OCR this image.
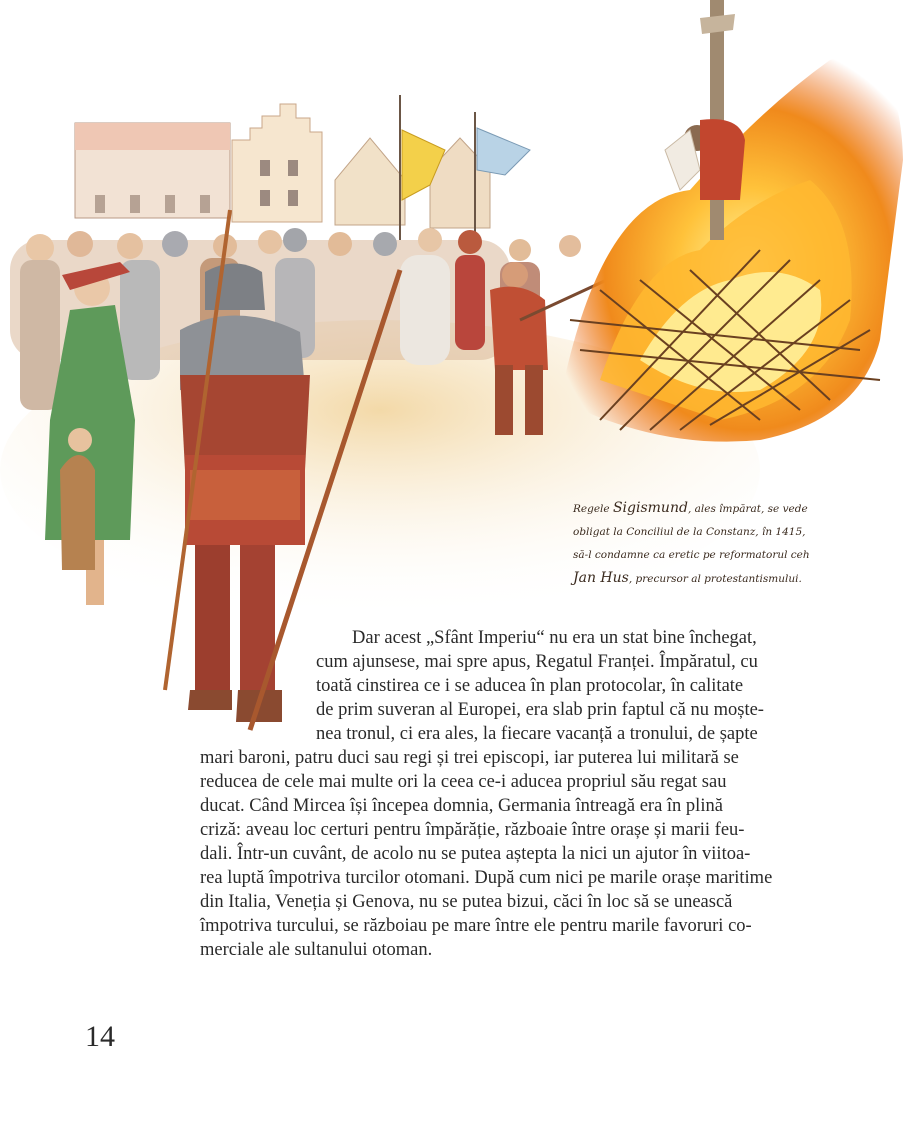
Regele Sigismund, ales împărat, se vede
obligat la Conciliul de la Constanz, în 1415,
să-l condamne ca eretic pe reformatorul ceh
Jan Hus, precursor al protestantismului.
Dar acest „Sfânt Imperiu“ nu era un stat bine închegat,
cum ajunsese, mai spre apus, Regatul Franței. Împăratul, cu
toată cinstirea ce i se aducea în plan protocolar, în calitate
de prim suveran al Europei, era slab prin faptul că nu moște-
nea tronul, ci era ales, la fiecare vacanță a tronului, de șapte
mari baroni, patru duci sau regi și trei episcopi, iar puterea lui militară se
reducea de cele mai multe ori la ceea ce-i aducea propriul său regat sau
ducat. Când Mircea își începea domnia, Germania întreagă era în plină
criză: aveau loc certuri pentru împărăție, războaie între orașe și marii feu-
dali. Într-un cuvânt, de acolo nu se putea aștepta la nici un ajutor în viitoa-
rea luptă împotriva turcilor otomani. După cum nici pe marile orașe maritime
din Italia, Veneția și Genova, nu se putea bizui, căci în loc să se unească
împotriva turcului, se războiau pe mare între ele pentru marile favoruri co-
merciale ale sultanului otoman.
14
